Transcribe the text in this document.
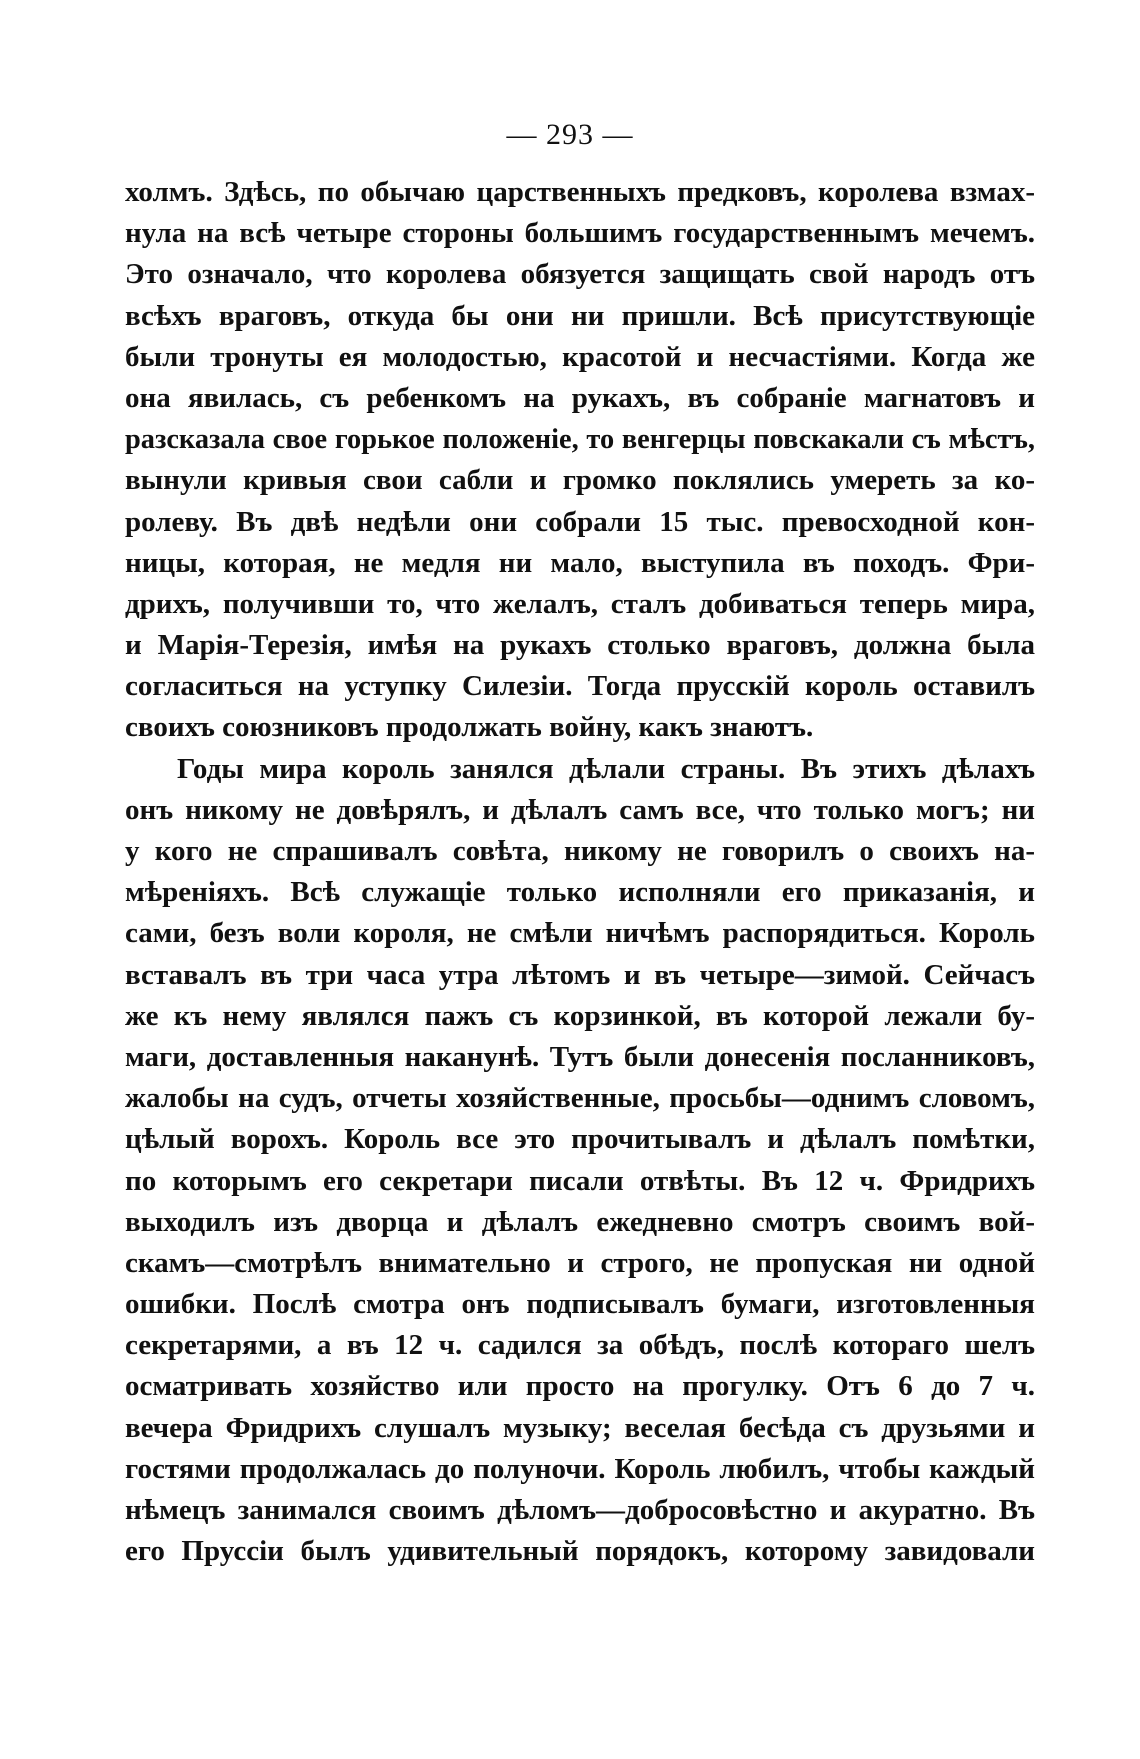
— 293 —
холмъ. Здѣсь, по обычаю царственныхъ предковъ, королева взмах-
нула на всѣ четыре стороны большимъ государственнымъ мечемъ.
Это означало, что королева обязуется защищать свой народъ отъ
всѣхъ враговъ, откуда бы они ни пришли. Всѣ присутствующіе
были тронуты ея молодостью, красотой и несчастіями. Когда же
она явилась, съ ребенкомъ на рукахъ, въ собраніе магнатовъ и
разсказала свое горькое положеніе, то венгерцы повскакали съ мѣстъ,
вынули кривыя свои сабли и громко поклялись умереть за ко-
ролеву. Въ двѣ недѣли они собрали 15 тыс. превосходной кон-
ницы, которая, не медля ни мало, выступила въ походъ. Фри-
дрихъ, получивши то, что желалъ, сталъ добиваться теперь мира,
и Марія-Терезія, имѣя на рукахъ столько враговъ, должна была
согласиться на уступку Силезіи. Тогда прусскій король оставилъ
своихъ союзниковъ продолжать войну, какъ знаютъ.
Годы мира король занялся дѣлали страны. Въ этихъ дѣлахъ
онъ никому не довѣрялъ, и дѣлалъ самъ все, что только могъ; ни
у кого не спрашивалъ совѣта, никому не говорилъ о своихъ на-
мѣреніяхъ. Всѣ служащіе только исполняли его приказанія, и
сами, безъ воли короля, не смѣли ничѣмъ распорядиться. Король
вставалъ въ три часа утра лѣтомъ и въ четыре—зимой. Сейчасъ
же къ нему являлся пажъ съ корзинкой, въ которой лежали бу-
маги, доставленныя наканунѣ. Тутъ были донесенія посланниковъ,
жалобы на судъ, отчеты хозяйственные, просьбы—однимъ словомъ,
цѣлый ворохъ. Король все это прочитывалъ и дѣлалъ помѣтки,
по которымъ его секретари писали отвѣты. Въ 12 ч. Фридрихъ
выходилъ изъ дворца и дѣлалъ ежедневно смотръ своимъ вой-
скамъ—смотрѣлъ внимательно и строго, не пропуская ни одной
ошибки. Послѣ смотра онъ подписывалъ бумаги, изготовленныя
секретарями, а въ 12 ч. садился за обѣдъ, послѣ котораго шелъ
осматривать хозяйство или просто на прогулку. Отъ 6 до 7 ч.
вечера Фридрихъ слушалъ музыку; веселая бесѣда съ друзьями и
гостями продолжалась до полуночи. Король любилъ, чтобы каждый
нѣмецъ занимался своимъ дѣломъ—добросовѣстно и акуратно. Въ
его Пруссіи былъ удивительный порядокъ, которому завидовали
